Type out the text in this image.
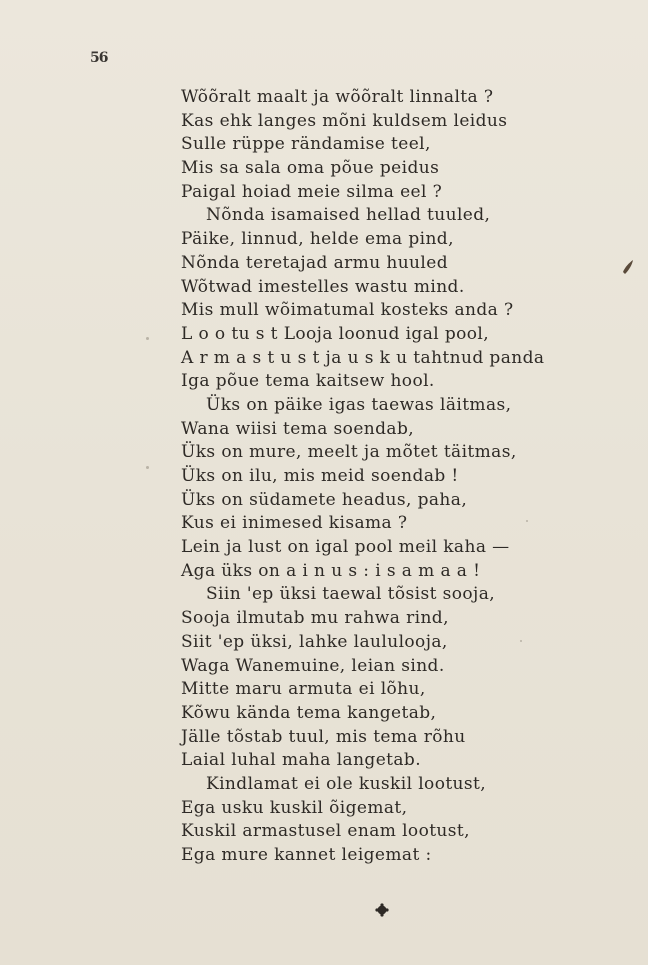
56
Wõõralt maalt ja wõõralt linnalta ?
Kas ehk langes mõni kuldsem leidus
Sulle rüppe rändamise teel,
Mis sa sala oma põue peidus
Paigal hoiad meie silma eel ?
Nõnda isamaised hellad tuuled,
Päike, linnud, helde ema pind,
Nõnda teretajad armu huuled
Wõtwad imestelles wastu mind.
Mis mull wõimatumal kosteks anda ?
L o o tu s t Looja loonud igal pool,
A r m a s t u s t ja u s k u tahtnud panda
Iga põue tema kaitsew hool.
Üks on päike igas taewas läitmas,
Wana wiisi tema soendab,
Üks on mure, meelt ja mõtet täitmas,
Üks on ilu, mis meid soendab !
Üks on südamete headus, paha,
Kus ei inimesed kisama ?
Lein ja lust on igal pool meil kaha —
Aga üks on a i n u s : i s a m a a !
Siin 'ep üksi taewal tõsist sooja,
Sooja ilmutab mu rahwa rind,
Siit 'ep üksi, lahke laululooja,
Waga Wanemuine, leian sind.
Mitte maru armuta ei lõhu,
Kõwu kända tema kangetab,
Jälle tõstab tuul, mis tema rõhu
Laial luhal maha langetab.
Kindlamat ei ole kuskil lootust,
Ega usku kuskil õigemat,
Kuskil armastusel enam lootust,
Ega mure kannet leigemat :
